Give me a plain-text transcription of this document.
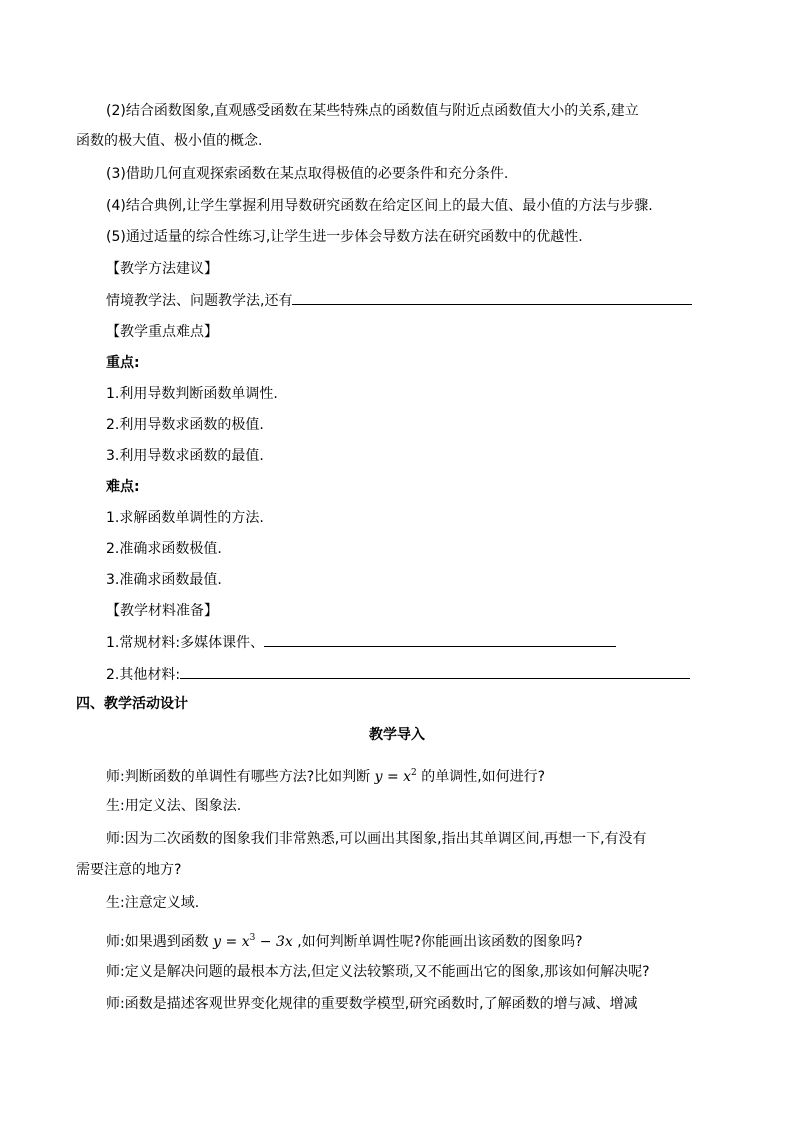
(2)结合函数图象,直观感受函数在某些特殊点的函数值与附近点函数值大小的关系,建立
函数的极大值、极小值的概念.
(3)借助几何直观探索函数在某点取得极值的必要条件和充分条件.
(4)结合典例,让学生掌握利用导数研究函数在给定区间上的最大值、最小值的方法与步骤.
(5)通过适量的综合性练习,让学生进一步体会导数方法在研究函数中的优越性.
【教学方法建议】
情境教学法、问题教学法,还有
【教学重点难点】
重点:
1.利用导数判断函数单调性.
2.利用导数求函数的极值.
3.利用导数求函数的最值.
难点:
1.求解函数单调性的方法.
2.准确求函数极值.
3.准确求函数最值.
【教学材料准备】
1.常规材料:多媒体课件、
2.其他材料:
四、教学活动设计
教学导入
师:判断函数的单调性有哪些方法?比如判断 $y = x^2$ 的单调性,如何进行?
生:用定义法、图象法.
师:因为二次函数的图象我们非常熟悉,可以画出其图象,指出其单调区间,再想一下,有没有
需要注意的地方?
生:注意定义域.
师:如果遇到函数 $y = x^3 - 3x$ ,如何判断单调性呢?你能画出该函数的图象吗?
师:定义是解决问题的最根本方法,但定义法较繁琐,又不能画出它的图象,那该如何解决呢?
师:函数是描述客观世界变化规律的重要数学模型,研究函数时,了解函数的增与减、增减
